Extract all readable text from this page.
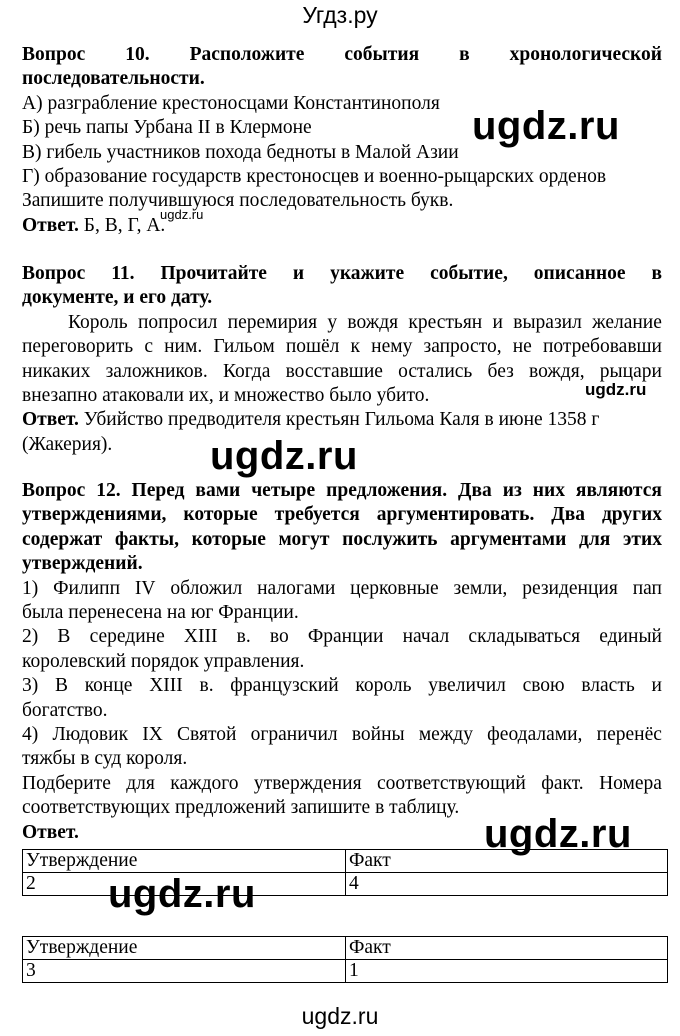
Угдз.ру
Вопрос 10. Расположите события в хронологической
последовательности.
А) разграбление крестоносцами Константинополя
Б) речь папы Урбана II в Клермоне
В) гибель участников похода бедноты в Малой Азии
Г) образование государств крестоносцев и военно-рыцарских орденов
Запишите получившуюся последовательность букв.
Ответ. Б, В, Г, А.
Вопрос 11. Прочитайте и укажите событие, описанное в
документе, и его дату.
Король попросил перемирия у вождя крестьян и выразил желание
переговорить с ним. Гильом пошёл к нему запросто, не потребовавши
никаких заложников. Когда восставшие остались без вождя, рыцари
внезапно атаковали их, и множество было убито.
Ответ. Убийство предводителя крестьян Гильома Каля в июне 1358 г
(Жакерия).
Вопрос 12. Перед вами четыре предложения. Два из них являются
утверждениями, которые требуется аргументировать. Два других
содержат факты, которые могут послужить аргументами для этих
утверждений.
1) Филипп IV обложил налогами церковные земли, резиденция пап
была перенесена на юг Франции.
2) В середине XIII в. во Франции начал складываться единый
королевский порядок управления.
3) В конце XIII в. французский король увеличил свою власть и
богатство.
4) Людовик IX Святой ограничил войны между феодалами, перенёс
тяжбы в суд короля.
Подберите для каждого утверждения соответствующий факт. Номера
соответствующих предложений запишите в таблицу.
Ответ.
Утверждение	Факт
2	4
Утверждение	Факт
3	1
ugdz.ru
ugdz.ru
ugdz.ru
ugdz.ru
ugdz.ru
ugdz.ru
ugdz.ru
